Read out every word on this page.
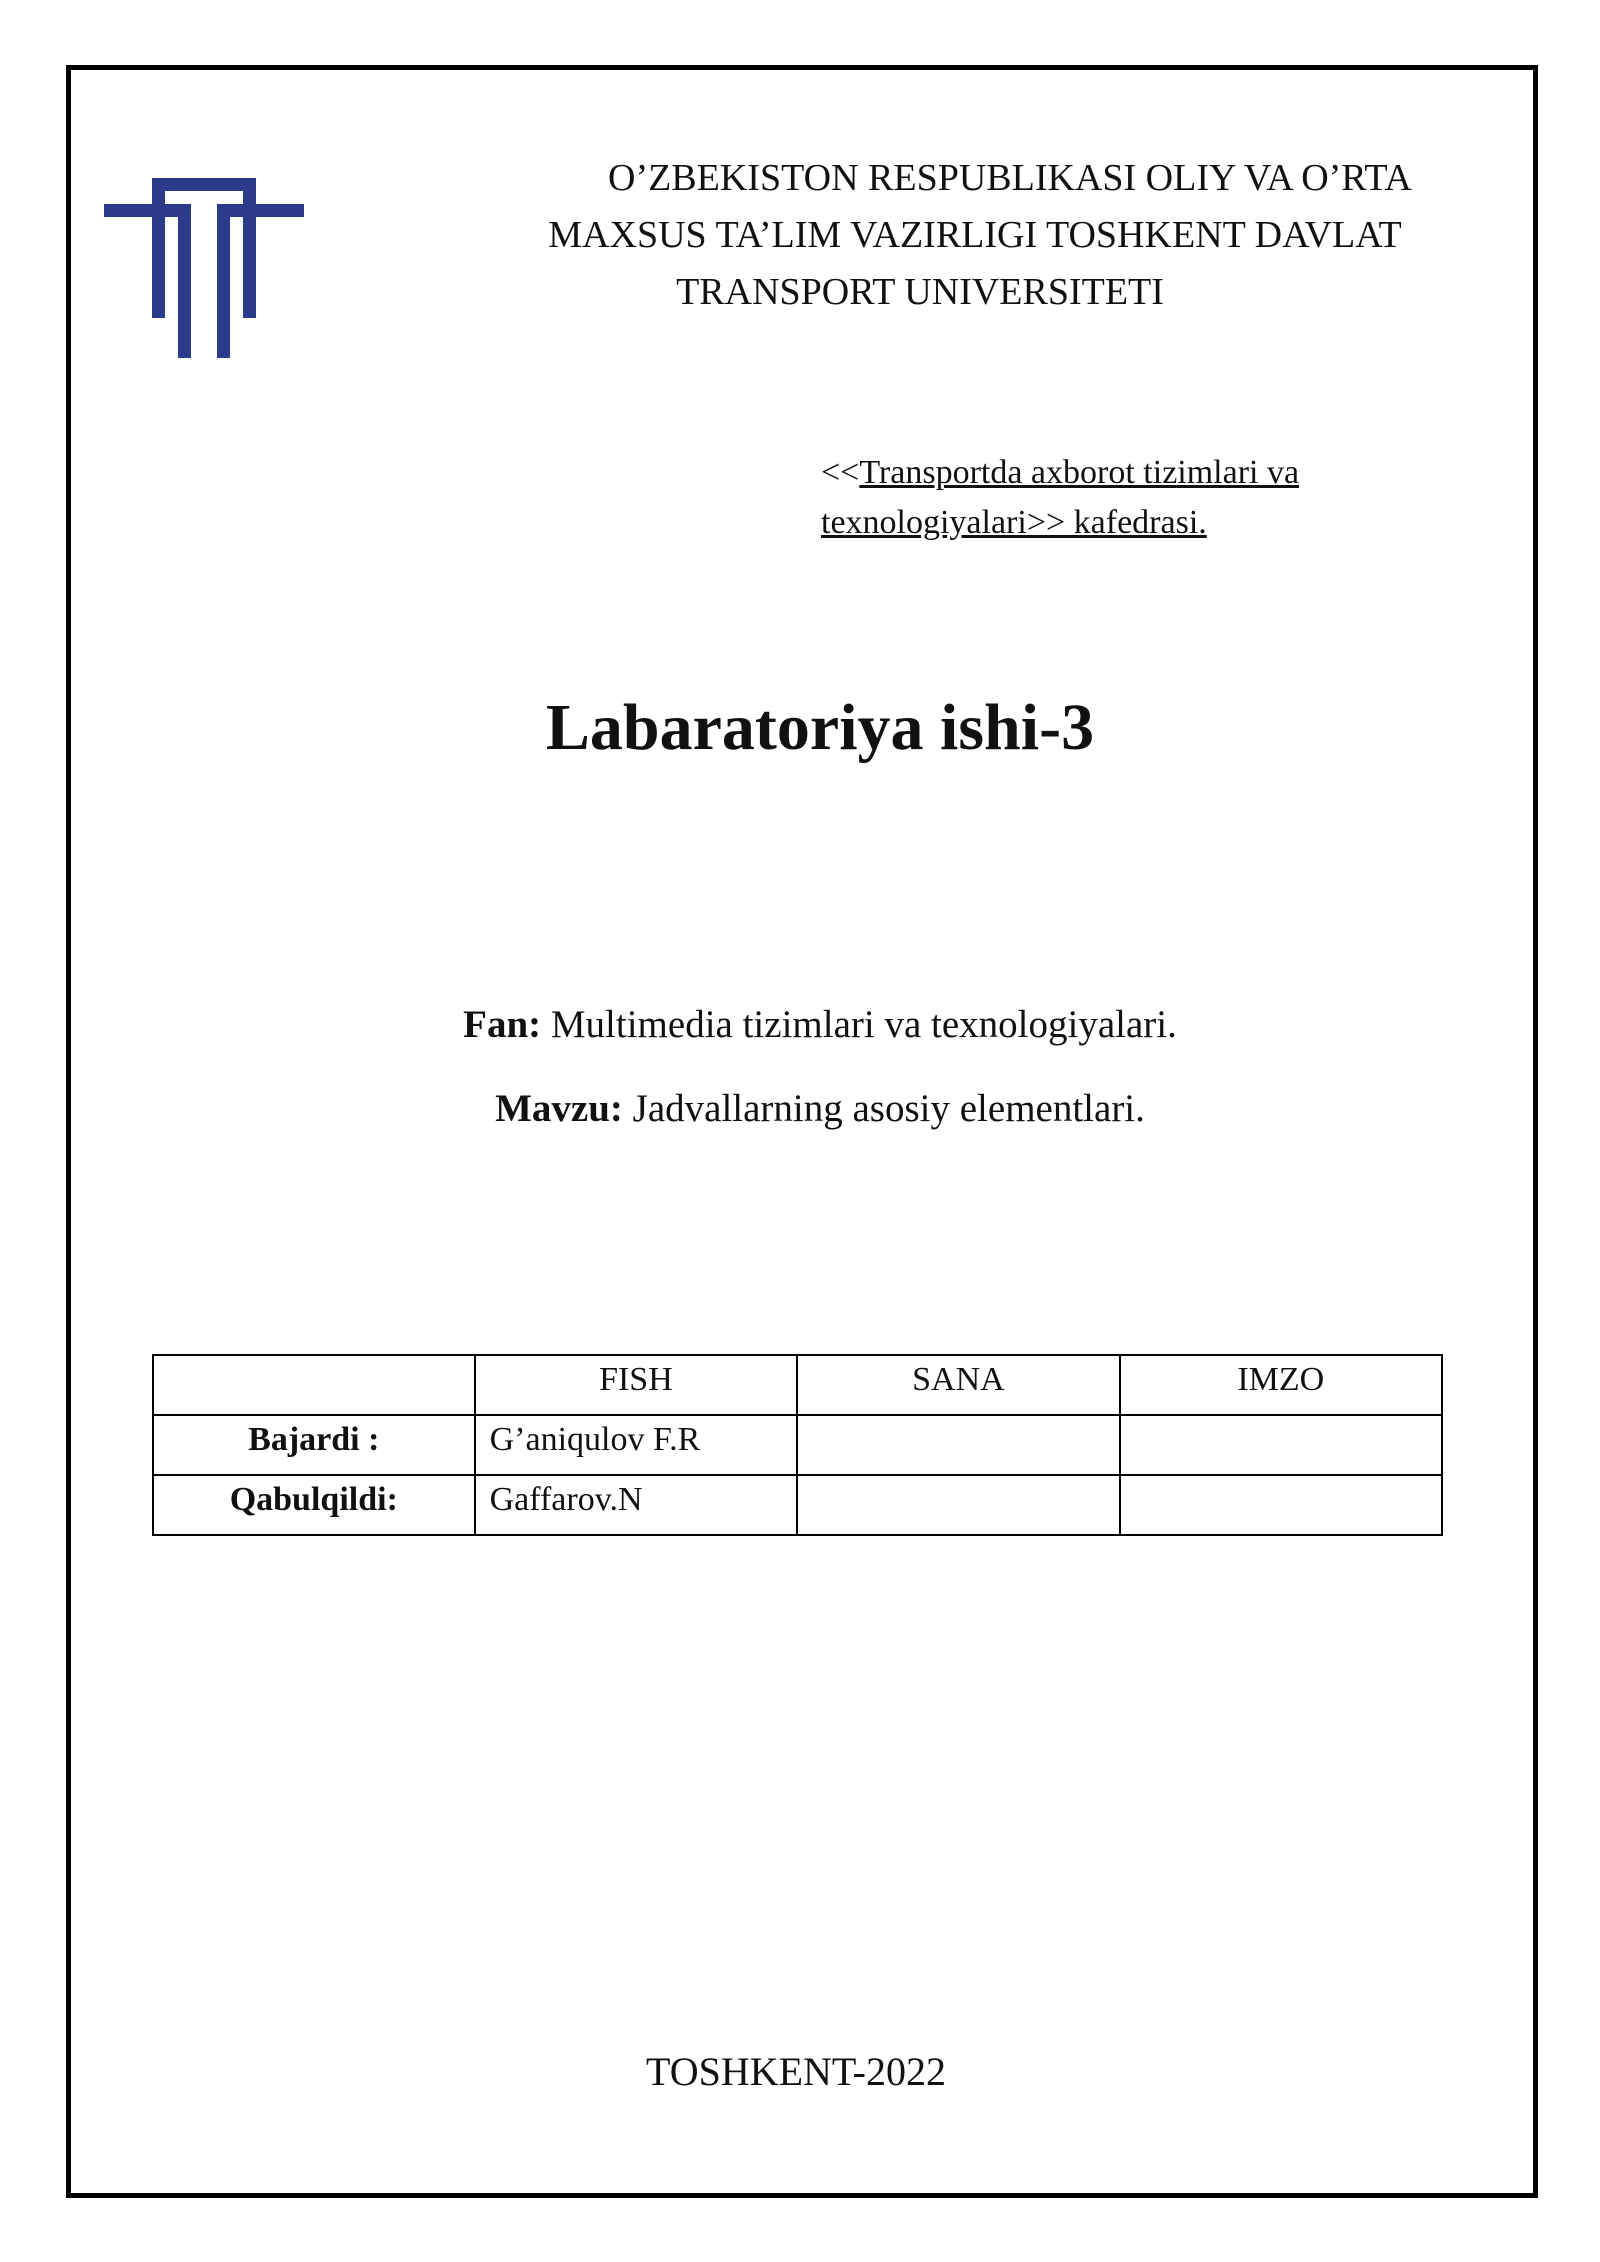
O’ZBEKISTON RESPUBLIKASI OLIY VA O’RTA
MAXSUS TA’LIM VAZIRLIGI TOSHKENT DAVLAT
TRANSPORT UNIVERSITETI
<<Transportda axborot tizimlari va
texnologiyalari>> kafedrasi.
Labaratoriya ishi-3
Fan: Multimedia tizimlari va texnologiyalari.
Mavzu: Jadvallarning asosiy elementlari.
	FISH	SANA	IMZO
Bajardi :	G’aniqulov F.R		
Qabulqildi:	Gaffarov.N		
TOSHKENT-2022
